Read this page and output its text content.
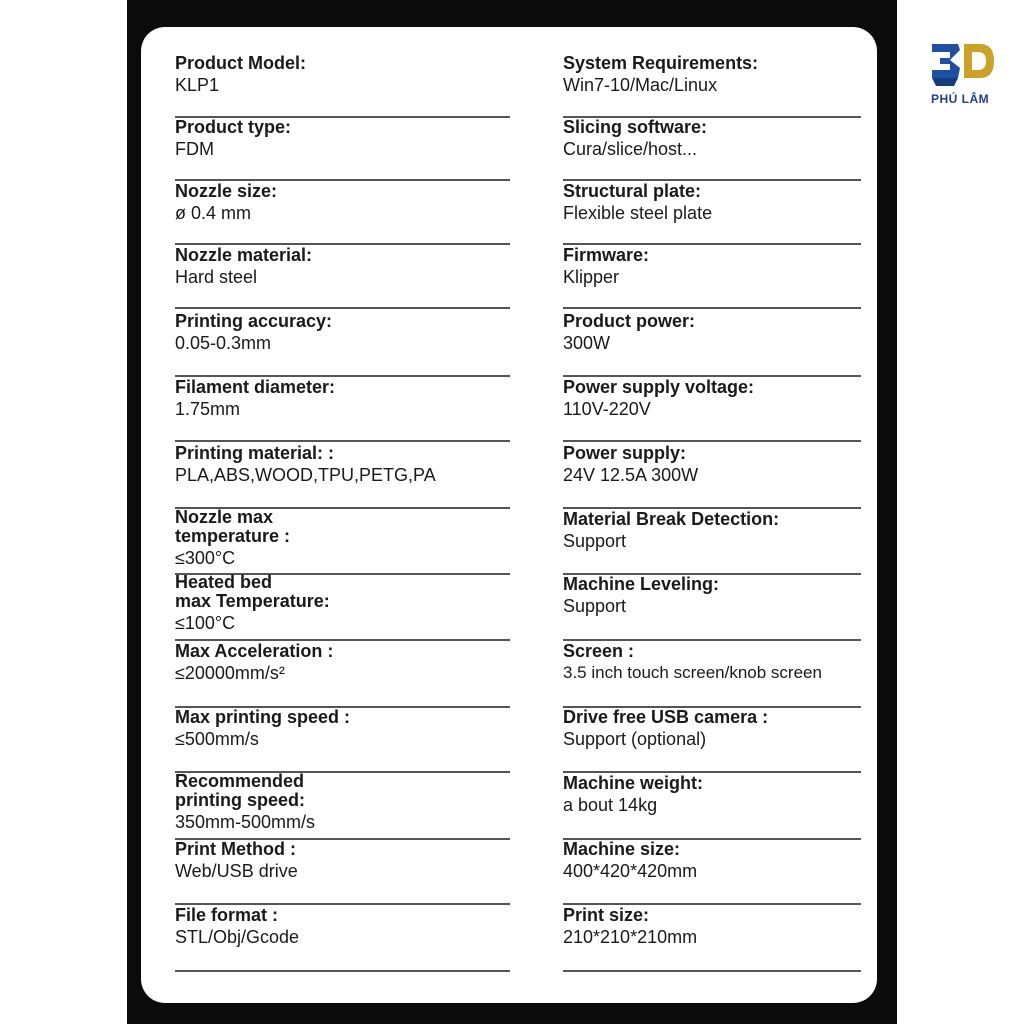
Product Model:
KLP1
Product type:
FDM
Nozzle size:
ø 0.4 mm
Nozzle material:
Hard steel
Printing accuracy:
0.05-0.3mm
Filament diameter:
1.75mm
Printing material: :
PLA,ABS,WOOD,TPU,PETG,PA
Nozzle max
temperature :
≤300°C
Heated bed
max Temperature:
≤100°C
Max Acceleration :
≤20000mm/s²
Max printing speed :
≤500mm/s
Recommended
printing speed:
350mm-500mm/s
Print Method :
Web/USB drive
File format :
STL/Obj/Gcode
System Requirements:
Win7-10/Mac/Linux
Slicing software:
Cura/slice/host...
Structural plate:
Flexible steel plate
Firmware:
Klipper
Product power:
300W
Power supply voltage:
110V-220V
Power supply:
24V 12.5A 300W
Material Break Detection:
Support
Machine Leveling:
Support
Screen :
3.5 inch touch screen/knob screen
Drive free USB camera :
Support (optional)
Machine weight:
a bout 14kg
Machine size:
400*420*420mm
Print size:
210*210*210mm
PHÚ LÂM
